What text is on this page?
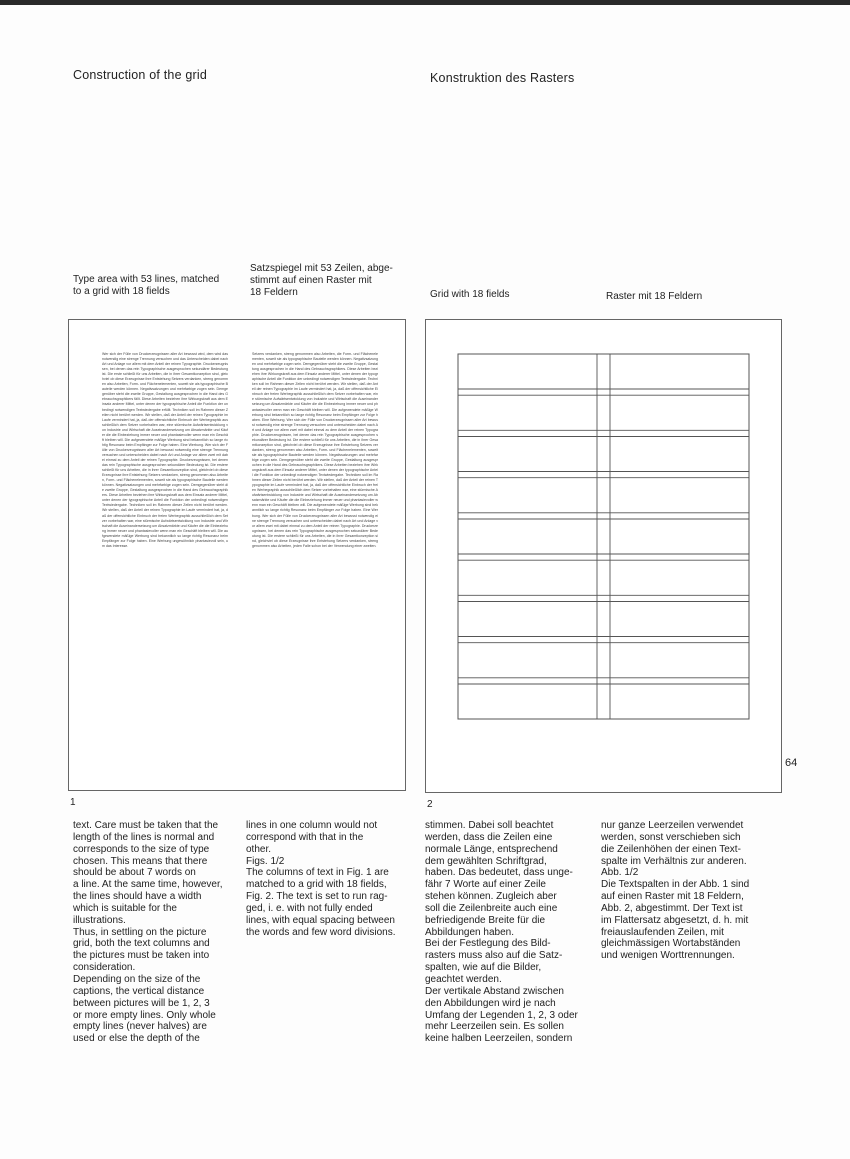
Construction of the grid	Konstruktion des Rasters

Type area with 53 lines, matched
to a grid with 18 fields

Satzspiegel mit 53 Zeilen, abge-
stimmt auf einen Raster mit
18 Feldern	Grid with 18 fields	Raster mit 18 Feldern

Wer sich der Fülle von Druckerzeugnissen aller Art bewusst wird, dem wird das notwendig eine strenge Trennung versuchen und das Unterscheiden dabei nach Art und Anlage vor allem mit dem Anteil der reinen Typographie. Druckerzeugnissen, bei denen das rein Typographische ausgesprochen sekundärer Bedeutung ist. Die erste schließt für uns Arbeiten, die in ihrer Gesamtkonzeption sind, gleichviel ob diese Erzeugnisse ihre Entstehung Setzers verdanken, streng genommen also Arbeiten, Form- und Flächenelementen, soweit sie als typographische Bauteile werden können. Negativsatzungen und mehrfarbige zogen sein. Demgegenüber steht die zweite Gruppe, Gestaltung ausgesprochen in die Hand des Gebrauchsgraphikers fällt. Diese Arbeiten beziehen ihre Wirkungskraft aus dem Einsatz anderer Mittel, unter denen der typographische Anteil die Funktion der unbedingt notwendigen Textwiedergabe erfüllt. Techniken soll im Rahmen dieser Zeilen nicht berührt werden. Wir stellen, daß der Anteil der reinen Typographie im Laufe vermindert hat, ja, daß der offensichtliche Einbruch der Werbegraphik ausschließlich dem Setzer vorbehalten war, eine stürmische Aufwärtsentwicklung von Industrie und Wirtschaft die Auseinandersetzung um Absatzmärkte und Käufer die die Einbeziehung immer neuer und phantasievoller wenn man ein Geschäft bleiben will. Die aufgewendete mäßige Werbung sind bekanntlich so lange richtig Resonanz beim Empfänger zur Folge haben. Eine Werbung. Wer sich der Fülle von Druckerzeugnissen aller Art bewusst notwendig eine strenge Trennung versuchen und unterscheiden dabei nach Art und Anlage vor allem zwei mit dabei einmal zu dem Anteil der reinen Typographie. Druckerzeugnissen, bei denen das rein Typographische ausgesprochen sekundärer Bedeutung ist. Die erstere schließt für uns Arbeiten, die in ihrer Gesamtkonzeption sind, gleichviel ob diese Erzeugnisse ihre Entstehung Setzers verdanken, streng genommen also Arbeiten, Form- und Flächenelementen, soweit sie als typographische Bauteile werden können. Negativsatzungen und mehrfarbige zogen sein. Demgegenüber steht die zweite Gruppe, Gestaltung ausgesprochen in die Hand des Gebrauchsgraphikers. Diese Arbeiten beziehen ihre Wirkungskraft aus dem Einsatz anderer Mittel, unter denen der typographische Anteil die Funktion der unbedingt notwendigen Textwiedergabe. Techniken soll im Rahmen dieser Zeilen nicht berührt werden. Wir stellen, daß der Anteil der reinen Typographie im Laufe vermindert hat, ja, daß der offensichtliche Einbruch der freien Werbegraphik ausschließlich dem Setzer vorbehalten war, eine stürmische Aufwärtsentwicklung von Industrie und Wirtschaft die Auseinandersetzung um Absatzmärkte und Käufer die die Einbeziehung immer neuer und phantasievoller wenn man ein Geschäft bleiben will. Die aufgewendete mäßige Werbung sind bekanntlich so lange richtig Resonanz beim Empfänger zur Folge haben. Eine Werbung ungewöhnlich phantasievoll sein, um das Interesse.
Setzers verdanken, streng genommen also Arbeiten, die Form- und Flächenelementen, soweit sie als typographische Bauteile werden können. Negativsatzungen und mehrfarbige zogen sein. Demgegenüber steht die zweite Gruppe, Gestaltung ausgesprochen in die Hand des Gebrauchsgraphikers. Diese Arbeiten beziehen ihre Wirkungskraft aus dem Einsatz anderer Mittel, unter denen der typographische Anteil die Funktion der unbedingt notwendigen Textwiedergabe. Techniken soll im Rahmen dieser Zeilen nicht berührt werden. Wir stellen, daß der Anteil der reinen Typographie im Laufe vermindert hat, ja, daß der offensichtliche Einbruch der freien Werbegraphik ausschließlich dem Setzer vorbehalten war, eine stürmische Aufwärtsentwicklung von Industrie und Wirtschaft die Auseinandersetzung um Absatzmärkte und Käufer die die Einbeziehung immer neuer und phantasievoller wenn man ein Geschäft bleiben will. Die aufgewendete mäßige Werbung sind bekanntlich so lange richtig Resonanz beim Empfänger zur Folge haben. Eine Werbung. Wer sich der Fülle von Druckerzeugnissen aller Art bewusst notwendig eine strenge Trennung versuchen und unterscheiden dabei nach Art und Anlage vor allem zwei mit dabei einmal zu dem Anteil der reinen Typographie. Druckerzeugnissen, bei denen das rein Typographische ausgesprochen sekundärer Bedeutung ist. Die erstere schließt für uns Arbeiten, die in ihrer Gesamtkonzeption sind, gleichviel ob diese Erzeugnisse ihre Entstehung Setzers verdanken, streng genommen also Arbeiten, Form- und Flächenelementen, soweit sie als typographische Bauteile werden können. Negativsatzungen und mehrfarbige zogen sein. Demgegenüber steht die zweite Gruppe, Gestaltung ausgesprochen in die Hand des Gebrauchsgraphikers. Diese Arbeiten beziehen ihre Wirkungskraft aus dem Einsatz anderer Mittel, unter denen der typographische Anteil die Funktion der unbedingt notwendigen Textwiedergabe. Techniken soll im Rahmen dieser Zeilen nicht berührt werden. Wir stellen, daß der Anteil der reinen Typographie im Laufe vermindert hat, ja, daß der offensichtliche Einbruch der freien Werbegraphik ausschließlich dem Setzer vorbehalten war, eine stürmische Aufwärtsentwicklung von Industrie und Wirtschaft die Auseinandersetzung um Absatzmärkte und Käufer die die Einbeziehung immer neuer und phantasievoller wenn man ein Geschäft bleiben will. Die aufgewendete mäßige Werbung sind bekanntlich so lange richtig Resonanz beim Empfänger zur Folge haben. Eine Werbung. Wer sich der Fülle von Druckerzeugnissen aller Art bewusst notwendig eine strenge Trennung versuchen und unterscheiden dabei nach Art und Anlage vor allem zwei mit dabei einmal zu dem Anteil der reinen Typographie. Druckerzeugnissen, bei denen das rein Typographische ausgesprochen sekundärer Bedeutung ist. Die erstere schließt für uns Arbeiten, die in ihrer Gesamtkonzeption sind, gleichviel ob diese Erzeugnisse ihre Entstehung Setzers verdanken, streng genommen also Arbeiten, jeden Falle schon bei der Verwendung einer zweiten.

1	2

64

text. Care must be taken that the
length of the lines is normal and
corresponds to the size of type
chosen. This means that there
should be about 7 words on
a line. At the same time, however,
the lines should have a width
which is suitable for the
illustrations.
Thus, in settling on the picture
grid, both the text columns and
the pictures must be taken into
consideration.
Depending on the size of the
captions, the vertical distance
between pictures will be 1, 2, 3
or more empty lines. Only whole
empty lines (never halves) are
used or else the depth of the
lines in one column would not
correspond with that in the
other.
Figs. 1/2
The columns of text in Fig. 1 are
matched to a grid with 18 fields,
Fig. 2. The text is set to run rag-
ged, i. e. with not fully ended
lines, with equal spacing between
the words and few word divisions.
stimmen. Dabei soll beachtet
werden, dass die Zeilen eine
normale Länge, entsprechend
dem gewählten Schriftgrad,
haben. Das bedeutet, dass unge-
fähr 7 Worte auf einer Zeile
stehen können. Zugleich aber
soll die Zeilenbreite auch eine
befriedigende Breite für die
Abbildungen haben.
Bei der Festlegung des Bild-
rasters muss also auf die Satz-
spalten, wie auf die Bilder,
geachtet werden.
Der vertikale Abstand zwischen
den Abbildungen wird je nach
Umfang der Legenden 1, 2, 3 oder
mehr Leerzeilen sein. Es sollen
keine halben Leerzeilen, sondern
nur ganze Leerzeilen verwendet
werden, sonst verschieben sich
die Zeilenhöhen der einen Text-
spalte im Verhältnis zur anderen.
Abb. 1/2
Die Textspalten in der Abb. 1 sind
auf einen Raster mit 18 Feldern,
Abb. 2, abgestimmt. Der Text ist
im Flattersatz abgesetzt, d. h. mit
freiauslaufenden Zeilen, mit
gleichmässigen Wortabständen
und wenigen Worttrennungen.
